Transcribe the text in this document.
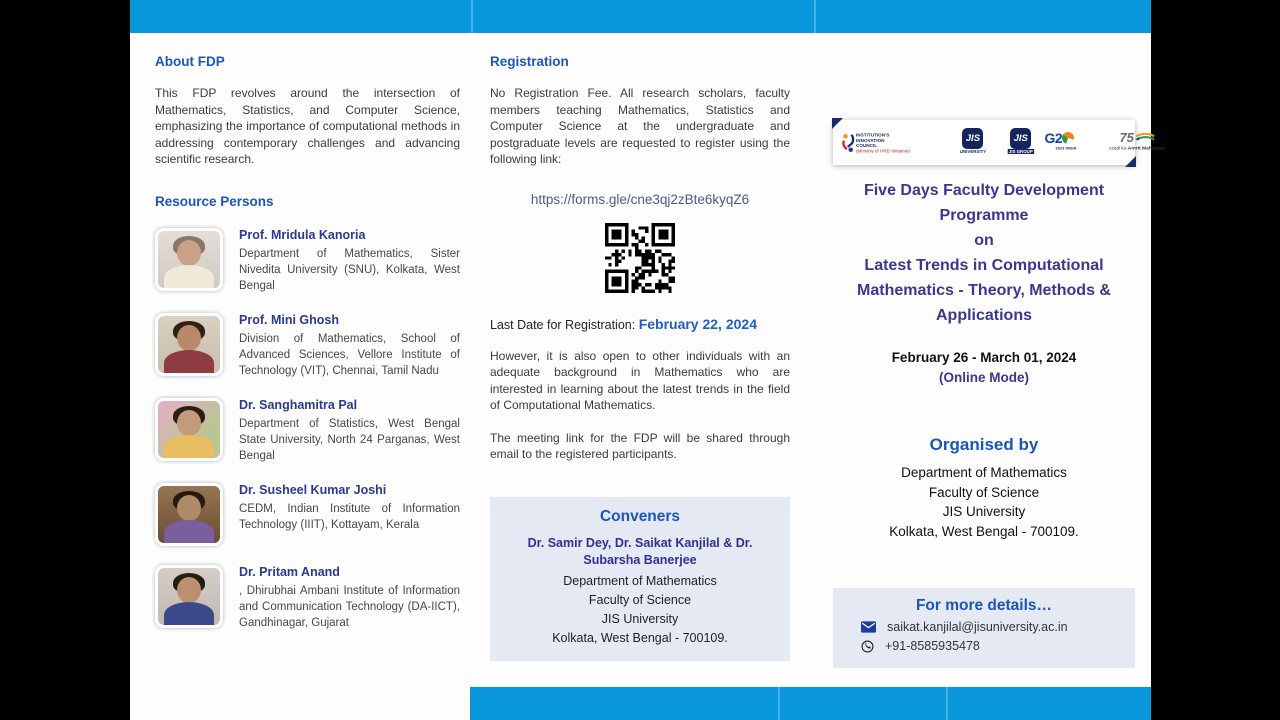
About FDP
This FDP revolves around the intersection of Mathematics, Statistics, and Computer Science, emphasizing the importance of computational methods in addressing contemporary challenges and advancing scientific research.
Resource Persons
Prof. Mridula Kanoria
Department of Mathematics, Sister Nivedita University (SNU), Kolkata, West Bengal
Prof. Mini Ghosh
Division of Mathematics, School of Advanced Sciences, Vellore Institute of Technology (VIT), Chennai, Tamil Nadu
Dr. Sanghamitra Pal
Department of Statistics, West Bengal State University, North 24 Parganas, West Bengal
Dr. Susheel Kumar Joshi
CEDM, Indian Institute of Information Technology (IIIT), Kottayam, Kerala
Dr. Pritam Anand
, Dhirubhai Ambani Institute of Information and Communication Technology (DA-IICT), Gandhinagar, Gujarat
Registration
No Registration Fee. All research scholars, faculty members teaching Mathematics, Statistics and Computer Science at the undergraduate and postgraduate levels are requested to register using the following link:
https://forms.gle/cne3qj2zBte6kyqZ6
Last Date for Registration: February 22, 2024
However, it is also open to other individuals with an adequate background in Mathematics who are interested in learning about the latest trends in the field of Computational Mathematics.
The meeting link for the FDP will be shared through email to the registered participants.
Conveners
Dr. Samir Dey, Dr. Saikat Kanjilal & Dr. Subarsha Banerjee
Department of Mathematics
Faculty of Science
JIS University
Kolkata, West Bengal - 700109.
INSTITUTION'S
INNOVATION
COUNCIL
(Ministry of HRD Initiative)
JIS
UNIVERSITY
JIS
JIS GROUP
G2
2023 INDIA
75
Azadi Ka Amrit Mahotsav
Five Days Faculty Development Programme
on
Latest Trends in Computational Mathematics - Theory, Methods & Applications
February 26 - March 01, 2024
(Online Mode)
Organised by
Department of Mathematics
Faculty of Science
JIS University
Kolkata, West Bengal - 700109.
For more details…
saikat.kanjilal@jisuniversity.ac.in
+91-8585935478
